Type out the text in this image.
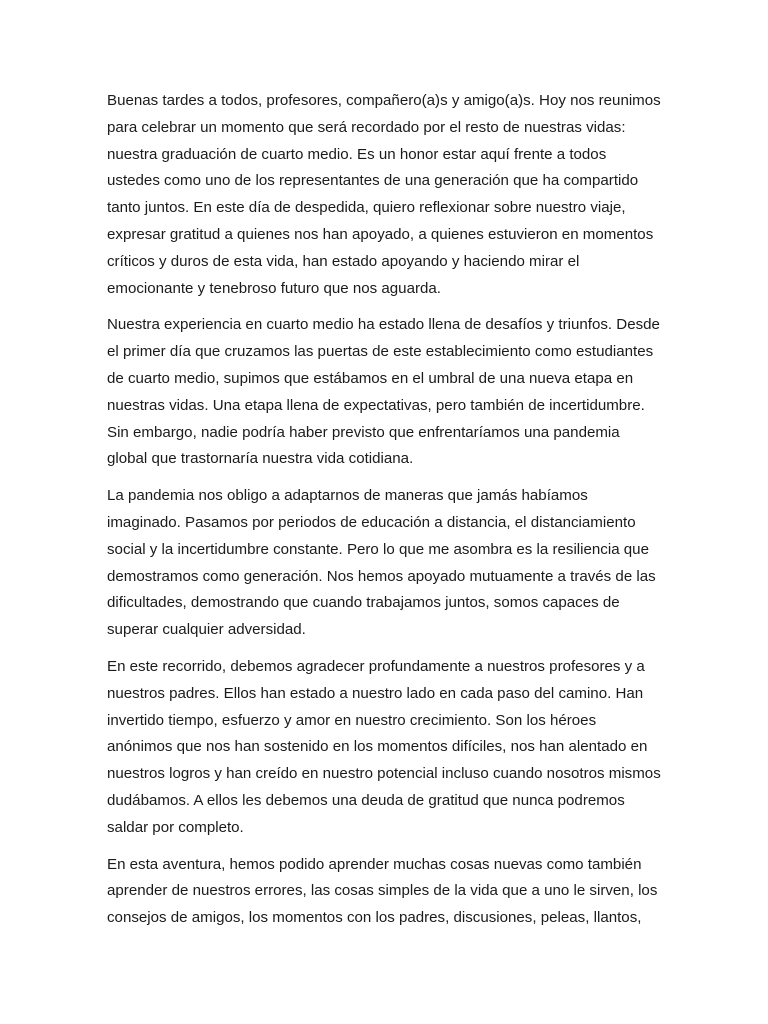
Buenas tardes a todos, profesores, compañero(a)s y amigo(a)s. Hoy nos reunimos
para celebrar un momento que será recordado por el resto de nuestras vidas:
nuestra graduación de cuarto medio. Es un honor estar aquí frente a todos
ustedes como uno de los representantes de una generación que ha compartido
tanto juntos. En este día de despedida, quiero reflexionar sobre nuestro viaje,
expresar gratitud a quienes nos han apoyado, a quienes estuvieron en momentos
críticos y duros de esta vida, han estado apoyando y haciendo mirar el
emocionante y tenebroso futuro que nos aguarda.

Nuestra experiencia en cuarto medio ha estado llena de desafíos y triunfos. Desde
el primer día que cruzamos las puertas de este establecimiento como estudiantes
de cuarto medio, supimos que estábamos en el umbral de una nueva etapa en
nuestras vidas. Una etapa llena de expectativas, pero también de incertidumbre.
Sin embargo, nadie podría haber previsto que enfrentaríamos una pandemia
global que trastornaría nuestra vida cotidiana.

La pandemia nos obligo a adaptarnos de maneras que jamás habíamos
imaginado. Pasamos por periodos de educación a distancia, el distanciamiento
social y la incertidumbre constante. Pero lo que me asombra es la resiliencia que
demostramos como generación. Nos hemos apoyado mutuamente a través de las
dificultades, demostrando que cuando trabajamos juntos, somos capaces de
superar cualquier adversidad.

En este recorrido, debemos agradecer profundamente a nuestros profesores y a
nuestros padres. Ellos han estado a nuestro lado en cada paso del camino. Han
invertido tiempo, esfuerzo y amor en nuestro crecimiento. Son los héroes
anónimos que nos han sostenido en los momentos difíciles, nos han alentado en
nuestros logros y han creído en nuestro potencial incluso cuando nosotros mismos
dudábamos. A ellos les debemos una deuda de gratitud que nunca podremos
saldar por completo.

En esta aventura, hemos podido aprender muchas cosas nuevas como también
aprender de nuestros errores, las cosas simples de la vida que a uno le sirven, los
consejos de amigos, los momentos con los padres, discusiones, peleas, llantos,
